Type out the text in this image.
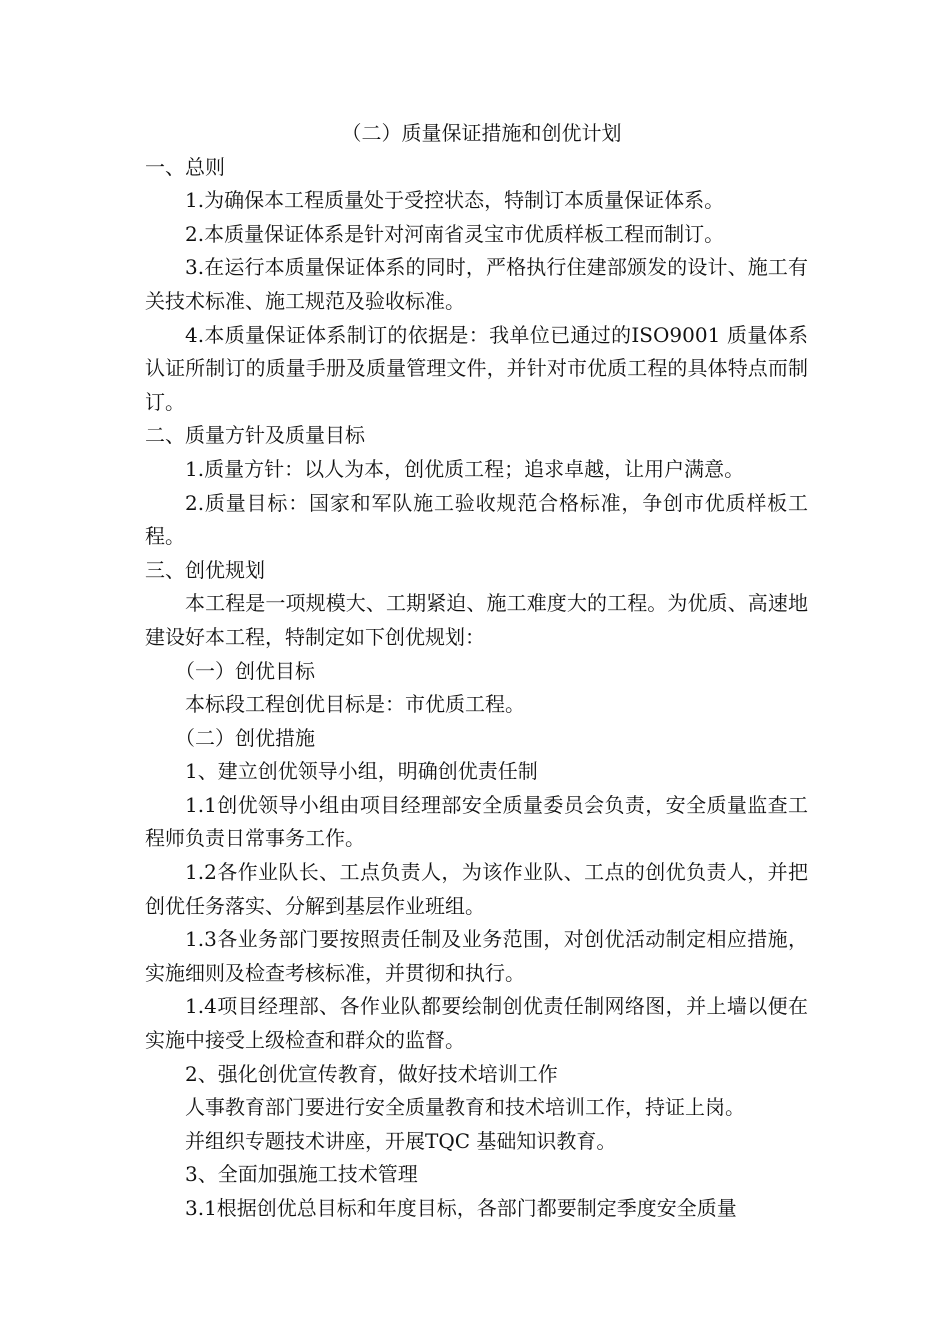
（二）质量保证措施和创优计划

一、总则

1.为确保本工程质量处于受控状态，特制订本质量保证体系。

2.本质量保证体系是针对河南省灵宝市优质样板工程而制订。

3.在运行本质量保证体系的同时，严格执行住建部颁发的设计、施工有关技术标准、施工规范及验收标准。

4.本质量保证体系制订的依据是：我单位已通过的ISO9001 质量体系认证所制订的质量手册及质量管理文件，并针对市优质工程的具体特点而制订。

二、质量方针及质量目标

1.质量方针：以人为本，创优质工程；追求卓越，让用户满意。

2.质量目标：国家和军队施工验收规范合格标准，争创市优质样板工程。

三、创优规划

本工程是一项规模大、工期紧迫、施工难度大的工程。为优质、高速地建设好本工程，特制定如下创优规划：

（一）创优目标

本标段工程创优目标是：市优质工程。

（二）创优措施

1、建立创优领导小组，明确创优责任制

1.1创优领导小组由项目经理部安全质量委员会负责，安全质量监查工程师负责日常事务工作。

1.2各作业队长、工点负责人，为该作业队、工点的创优负责人，并把创优任务落实、分解到基层作业班组。

1.3各业务部门要按照责任制及业务范围，对创优活动制定相应措施，实施细则及检查考核标准，并贯彻和执行。

1.4项目经理部、各作业队都要绘制创优责任制网络图，并上墙以便在实施中接受上级检查和群众的监督。

2、强化创优宣传教育，做好技术培训工作

人事教育部门要进行安全质量教育和技术培训工作，持证上岗。

并组织专题技术讲座，开展TQC 基础知识教育。

3、全面加强施工技术管理

3.1根据创优总目标和年度目标，各部门都要制定季度安全质量
